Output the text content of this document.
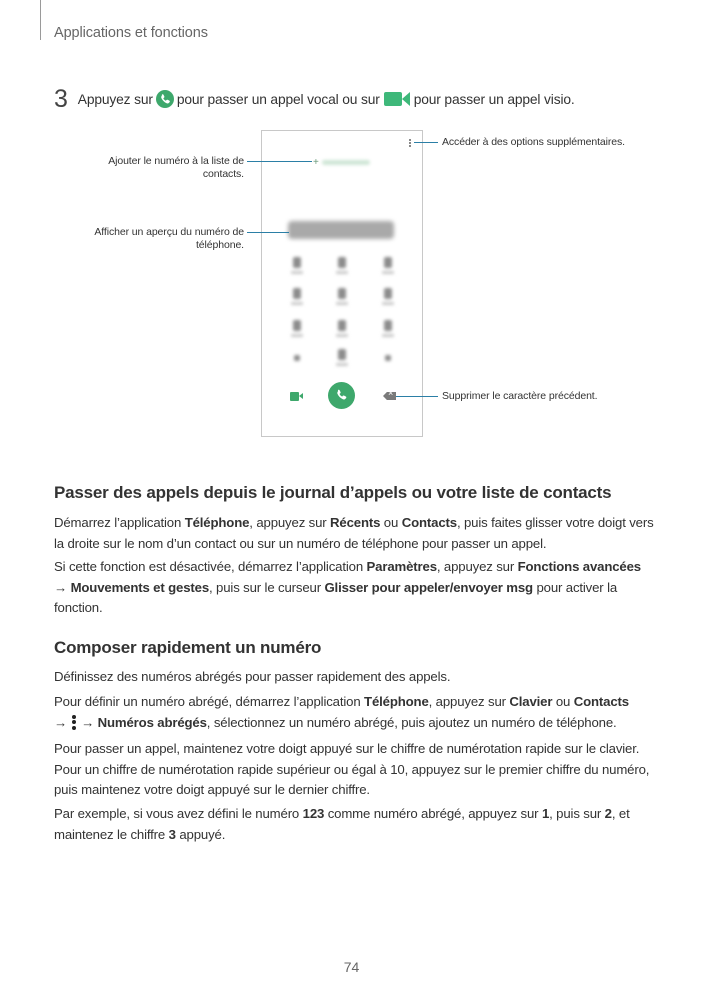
Applications et fonctions
3 Appuyez sur pour passer un appel vocal ou sur pour passer un appel visio.
+
×
Ajouter le numéro à la liste de contacts.
Afficher un aperçu du numéro de téléphone.
Accéder à des options supplémentaires.
Supprimer le caractère précédent.
Passer des appels depuis le journal d’appels ou votre liste de contacts

Démarrez l’application Téléphone, appuyez sur Récents ou Contacts, puis faites glisser votre doigt vers la droite sur le nom d’un contact ou sur un numéro de téléphone pour passer un appel.

Si cette fonction est désactivée, démarrez l’application Paramètres, appuyez sur Fonctions avancées → Mouvements et gestes, puis sur le curseur Glisser pour appeler/envoyer msg pour activer la fonction.

Composer rapidement un numéro

Définissez des numéros abrégés pour passer rapidement des appels.

Pour définir un numéro abrégé, démarrez l’application Téléphone, appuyez sur Clavier ou Contacts
→
→ Numéros abrégés, sélectionnez un numéro abrégé, puis ajoutez un numéro de téléphone.

Pour passer un appel, maintenez votre doigt appuyé sur le chiffre de numérotation rapide sur le clavier. Pour un chiffre de numérotation rapide supérieur ou égal à 10, appuyez sur le premier chiffre du numéro, puis maintenez votre doigt appuyé sur le dernier chiffre.

Par exemple, si vous avez défini le numéro 123 comme numéro abrégé, appuyez sur 1, puis sur 2, et maintenez le chiffre 3 appuyé.

74
